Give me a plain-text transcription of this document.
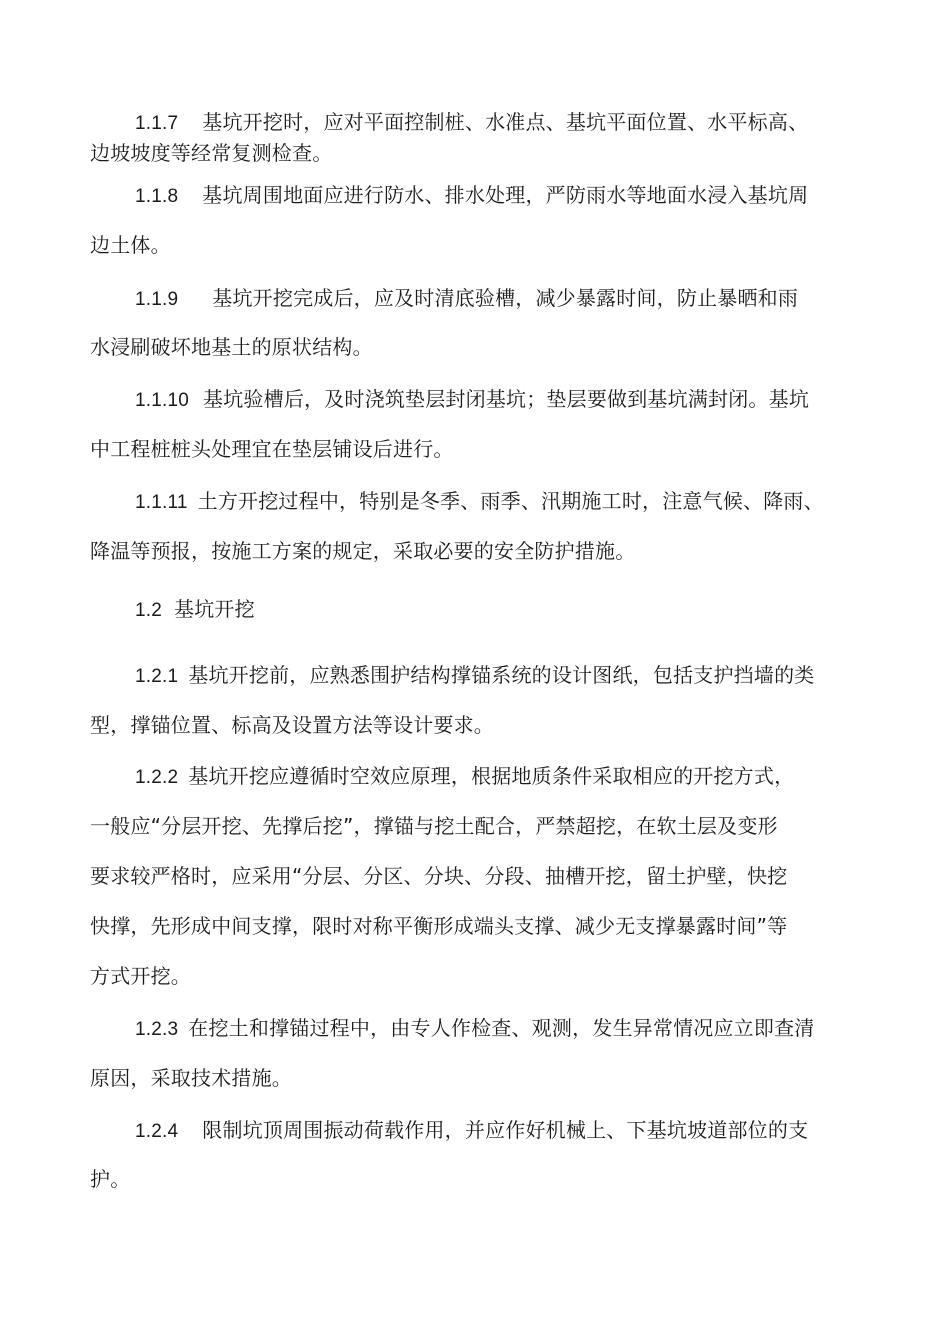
1.1.7 基坑开挖时，应对平面控制桩、水准点、基坑平面位置、水平标高、
边坡坡度等经常复测检查。
1.1.8 基坑周围地面应进行防水、排水处理，严防雨水等地面水浸入基坑周
边土体。
1.1.9 基坑开挖完成后，应及时清底验槽，减少暴露时间，防止暴晒和雨
水浸刷破坏地基土的原状结构。
1.1.10 基坑验槽后，及时浇筑垫层封闭基坑；垫层要做到基坑满封闭。基坑
中工程桩桩头处理宜在垫层铺设后进行。
1.1.11 土方开挖过程中，特别是冬季、雨季、汛期施工时，注意气候、降雨、
降温等预报，按施工方案的规定，采取必要的安全防护措施。
1.2 基坑开挖
1.2.1 基坑开挖前，应熟悉围护结构撑锚系统的设计图纸，包括支护挡墙的类
型，撑锚位置、标高及设置方法等设计要求。
1.2.2 基坑开挖应遵循时空效应原理，根据地质条件采取相应的开挖方式，
一般应“分层开挖、先撑后挖”，撑锚与挖土配合，严禁超挖，在软土层及变形
要求较严格时，应采用“分层、分区、分块、分段、抽槽开挖，留土护壁，快挖
快撑，先形成中间支撑，限时对称平衡形成端头支撑、减少无支撑暴露时间”等
方式开挖。
1.2.3 在挖土和撑锚过程中，由专人作检查、观测，发生异常情况应立即查清
原因，采取技术措施。
1.2.4 限制坑顶周围振动荷载作用，并应作好机械上、下基坑坡道部位的支
护。
